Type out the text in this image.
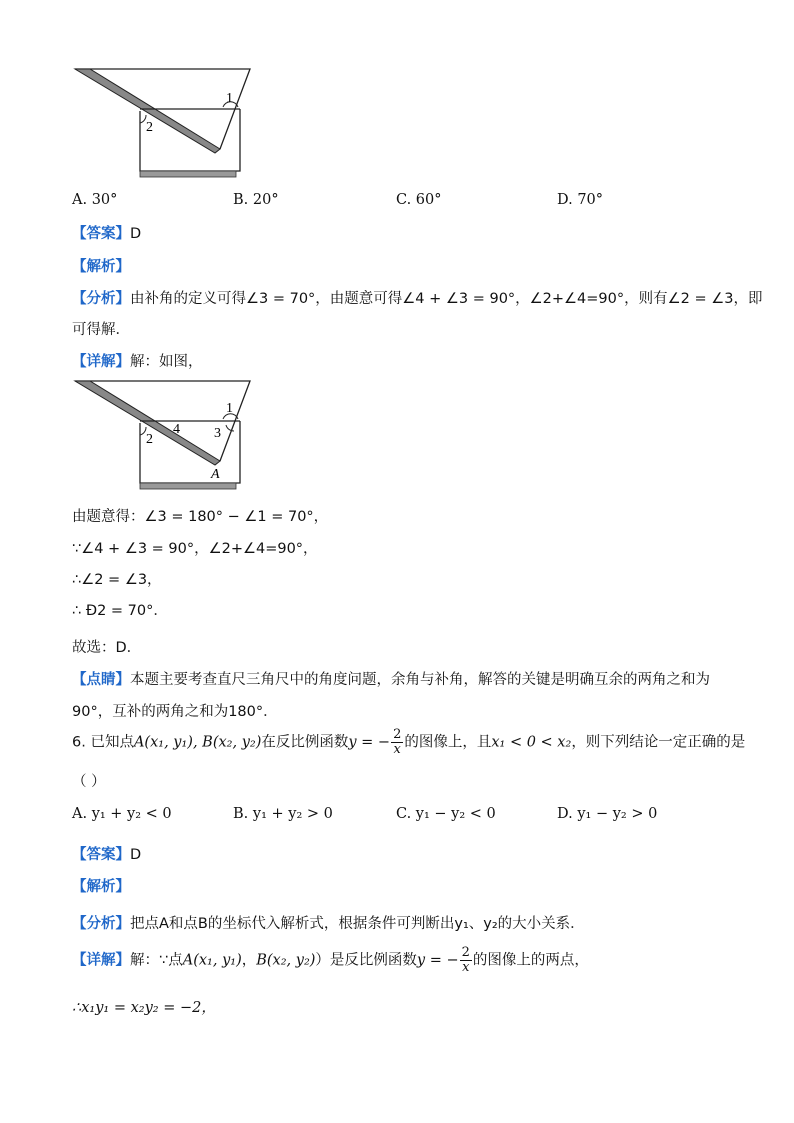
1
2
A. 30°	B. 20°	C. 60°	D. 70°
【答案】D
【解析】
【分析】由补角的定义可得∠3 = 70°，由题意可得∠4 + ∠3 = 90°，∠2+∠4=90°，则有∠2 = ∠3，即
可得解．
【详解】解：如图，
1
2	3
4
A
由题意得：∠3 = 180° − ∠1 = 70°，
∵∠4 + ∠3 = 90°，∠2+∠4=90°，
∴∠2 = ∠3，
∴ Ð2 = 70°．
故选：D．
【点睛】本题主要考查直尺三角尺中的角度问题，余角与补角，解答的关键是明确互余的两角之和为
90°，互补的两角之和为180°．
6. 已知点A(x₁, y₁), B(x₂, y₂)在反比例函数y = − $\frac{2}{x}$ 的图像上，且x₁ < 0 < x₂，则下列结论一定正确的是
（ ）
A. y₁ + y₂ < 0	B. y₁ + y₂ > 0	C. y₁ − y₂ < 0	D. y₁ − y₂ > 0
【答案】D
【解析】
【分析】把点A和点B的坐标代入解析式，根据条件可判断出y₁、y₂的大小关系．
【详解】解：∵点A(x₁, y₁)，B(x₂, y₂)）是反比例函数y = − $\frac{2}{x}$ 的图像上的两点，
∴x₁y₁ = x₂y₂ = −2，
